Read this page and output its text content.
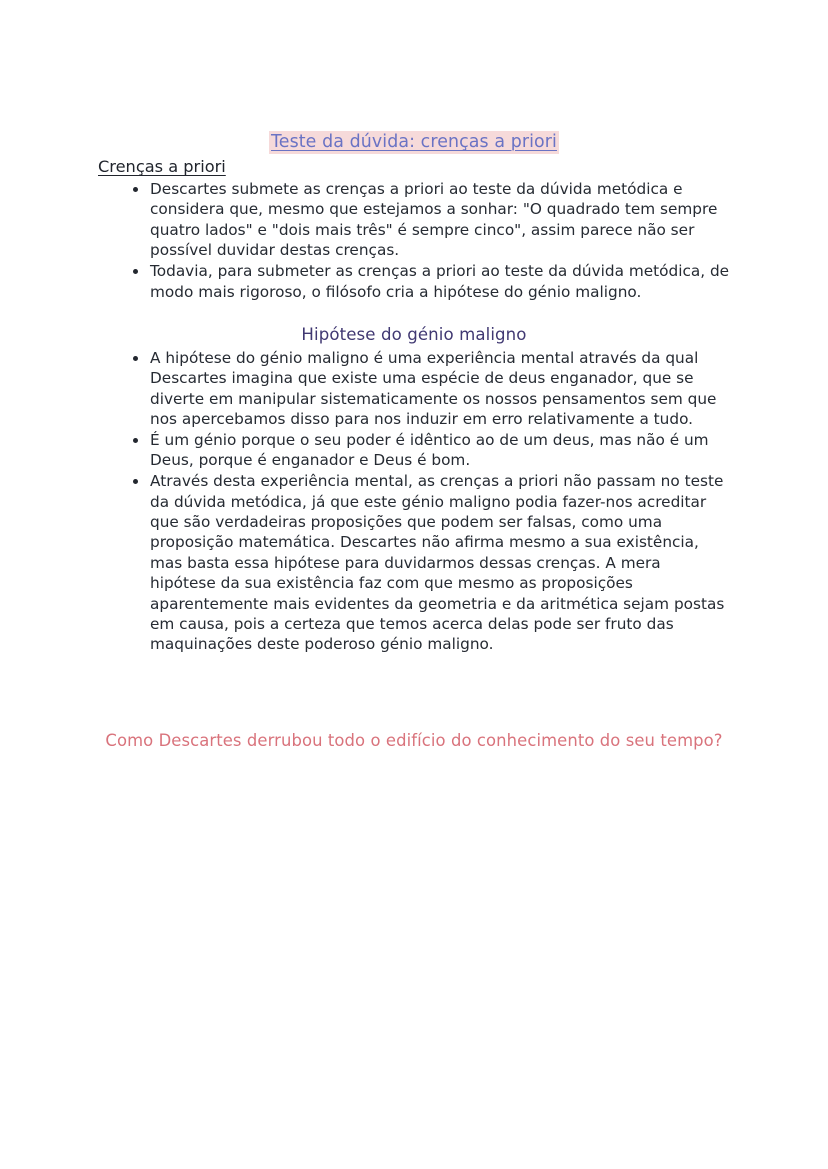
Teste da dúvida: crenças a priori
Crenças a priori
Descartes submete as crenças a priori ao teste da dúvida metódica e considera que, mesmo que estejamos a sonhar: "O quadrado tem sempre quatro lados" e "dois mais três" é sempre cinco", assim parece não ser possível duvidar destas crenças.
Todavia, para submeter as crenças a priori ao teste da dúvida metódica, de modo mais rigoroso, o filósofo cria a hipótese do génio maligno.
Hipótese do génio maligno
A hipótese do génio maligno é uma experiência mental através da qual Descartes imagina que existe uma espécie de deus enganador, que se diverte em manipular sistematicamente os nossos pensamentos sem que nos apercebamos disso para nos induzir em erro relativamente a tudo.
É um génio porque o seu poder é idêntico ao de um deus, mas não é um Deus, porque é enganador e Deus é bom.
Através desta experiência mental, as crenças a priori não passam no teste da dúvida metódica, já que este génio maligno podia fazer-nos acreditar que são verdadeiras proposições que podem ser falsas, como uma proposição matemática. Descartes não afirma mesmo a sua existência, mas basta essa hipótese para duvidarmos dessas crenças. A mera hipótese da sua existência faz com que mesmo as proposições aparentemente mais evidentes da geometria e da aritmética sejam postas em causa, pois a certeza que temos acerca delas pode ser fruto das maquinações deste poderoso génio maligno.
Como Descartes derrubou todo o edifício do conhecimento do seu tempo?
